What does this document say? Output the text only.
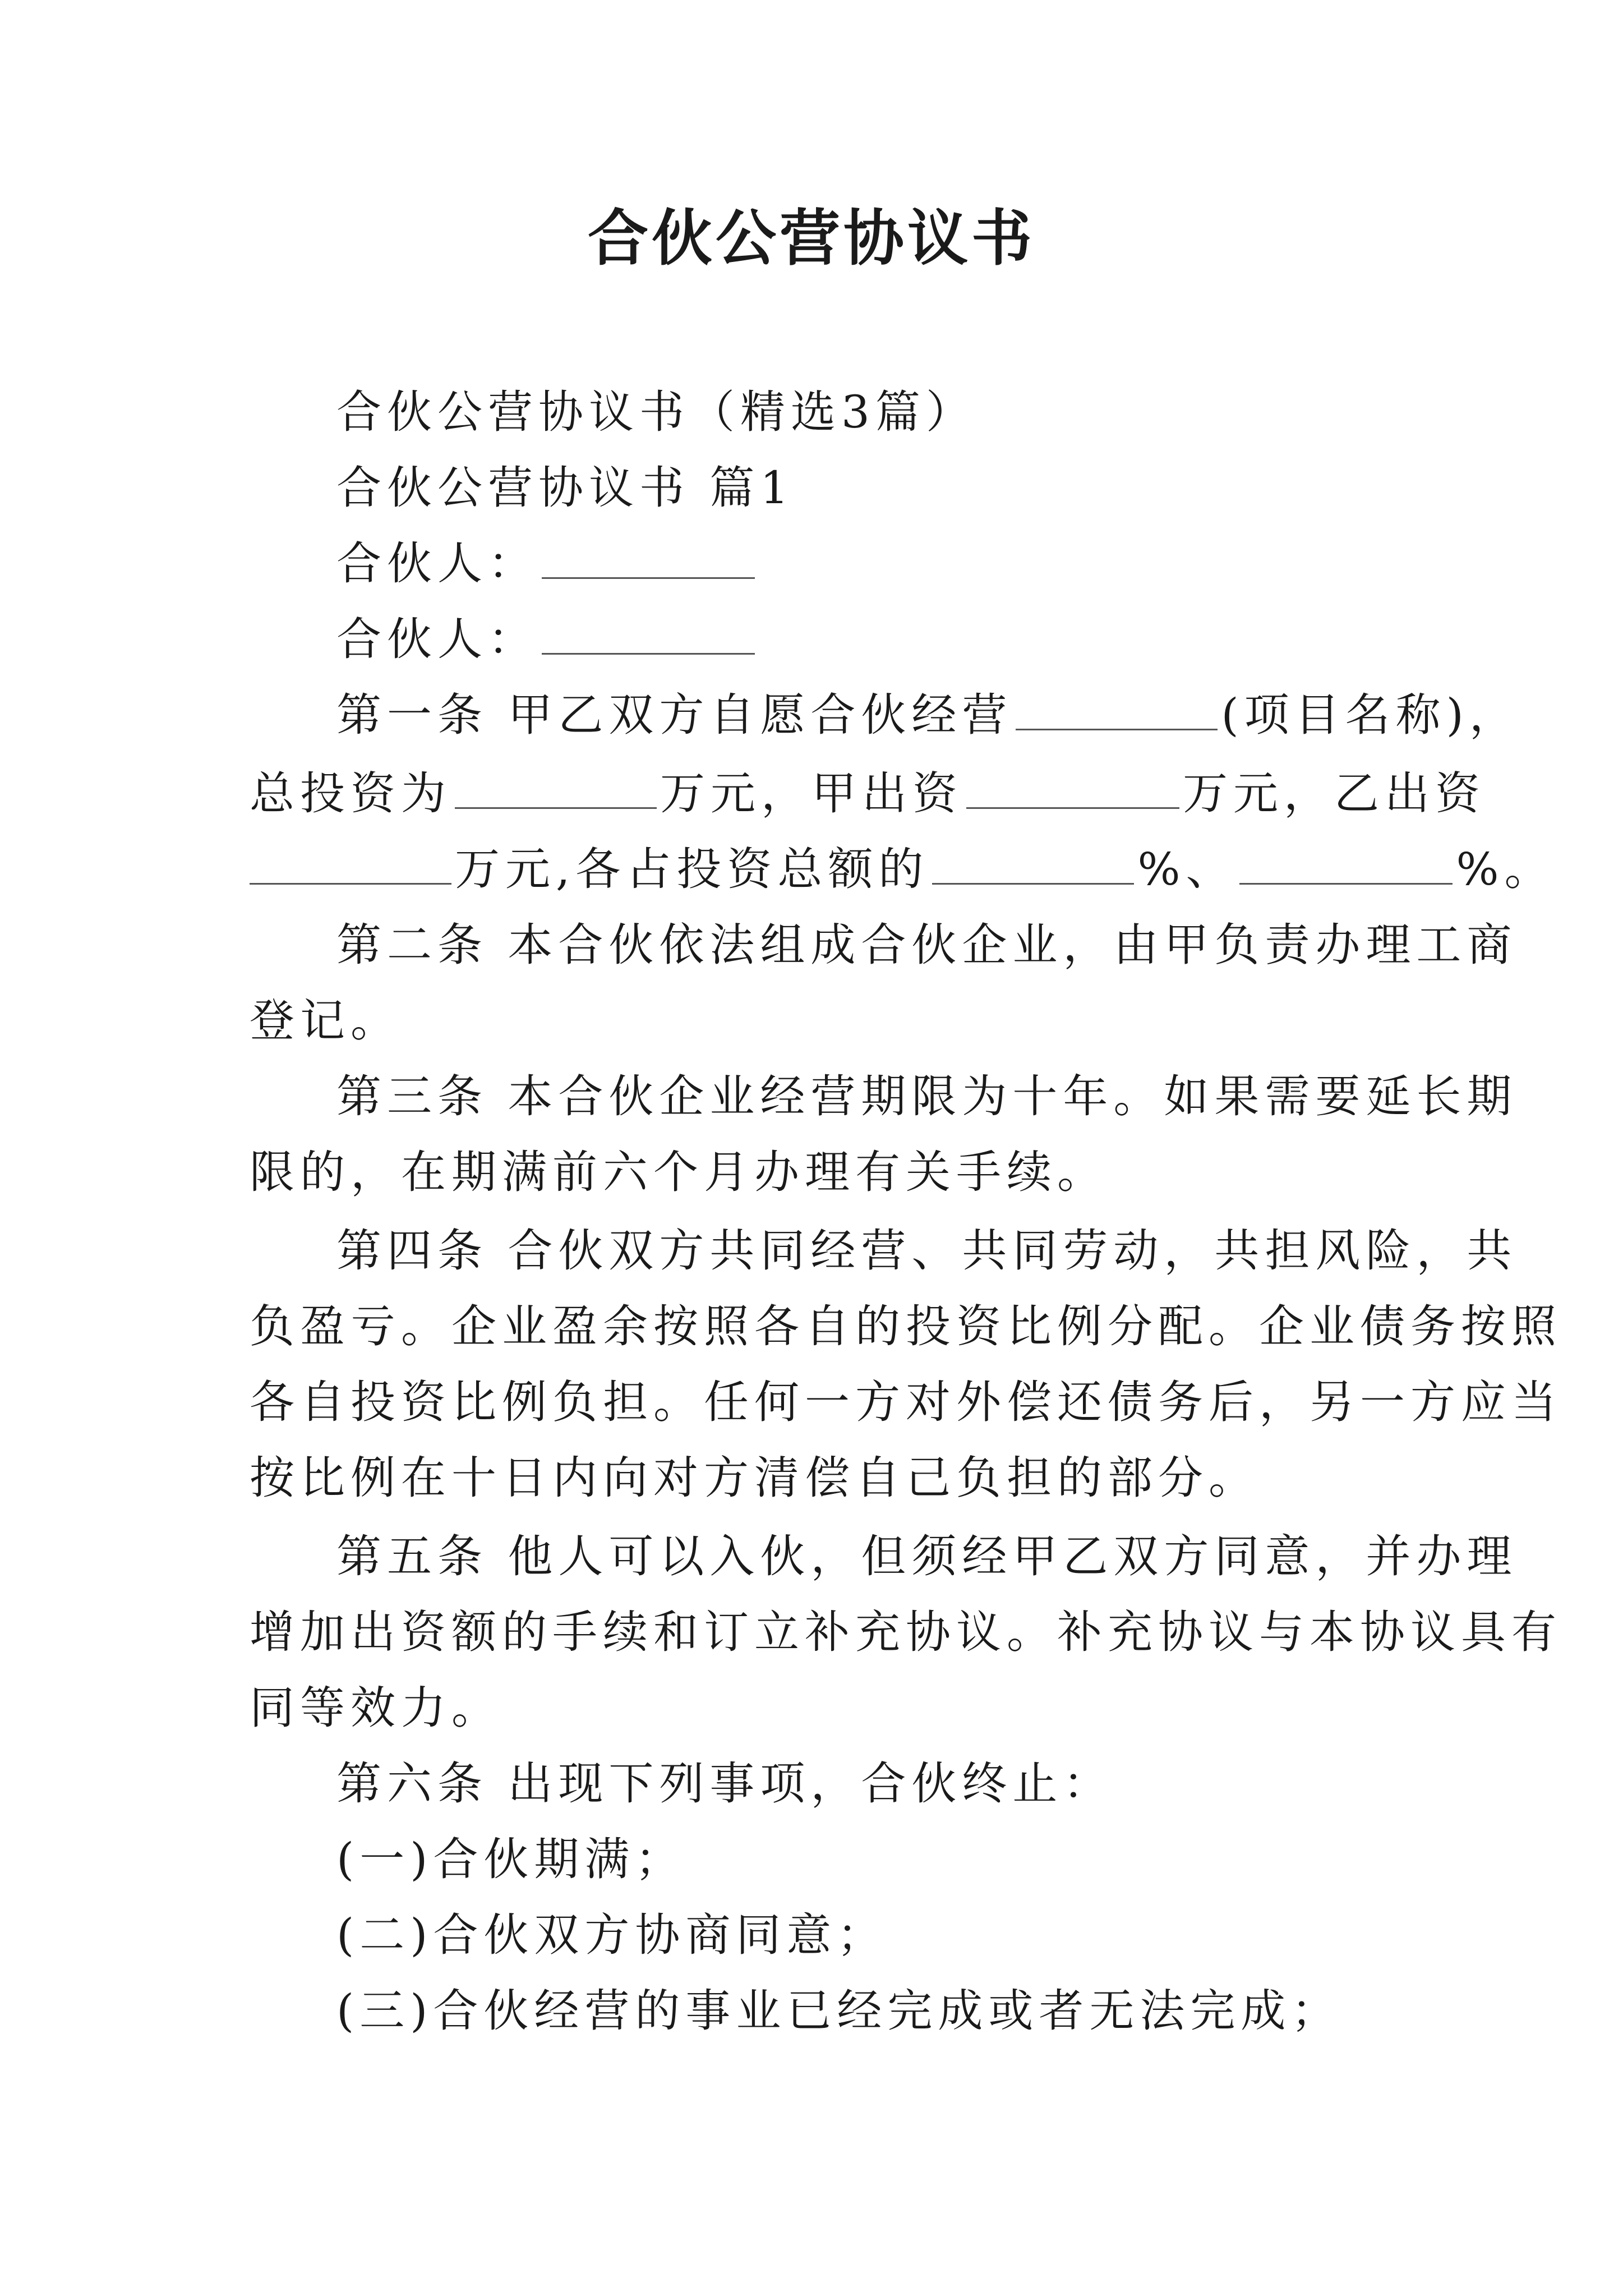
合伙公营协议书
合伙公营协议书（精选3篇）
合伙公营协议书 篇1
合伙人：
合伙人：
第一条 甲乙双方自愿合伙经营	(项目名称)，
总投资为	万元，甲出资	万元，乙出资
万元,各占投资总额的	%、	%。
第二条 本合伙依法组成合伙企业，由甲负责办理工商
登记。
第三条 本合伙企业经营期限为十年。如果需要延长期
限的，在期满前六个月办理有关手续。
第四条 合伙双方共同经营、共同劳动，共担风险，共
负盈亏。企业盈余按照各自的投资比例分配。企业债务按照
各自投资比例负担。任何一方对外偿还债务后，另一方应当
按比例在十日内向对方清偿自己负担的部分。
第五条 他人可以入伙，但须经甲乙双方同意，并办理
增加出资额的手续和订立补充协议。补充协议与本协议具有
同等效力。
第六条 出现下列事项，合伙终止：
(一)合伙期满；
(二)合伙双方协商同意；
(三)合伙经营的事业已经完成或者无法完成；
